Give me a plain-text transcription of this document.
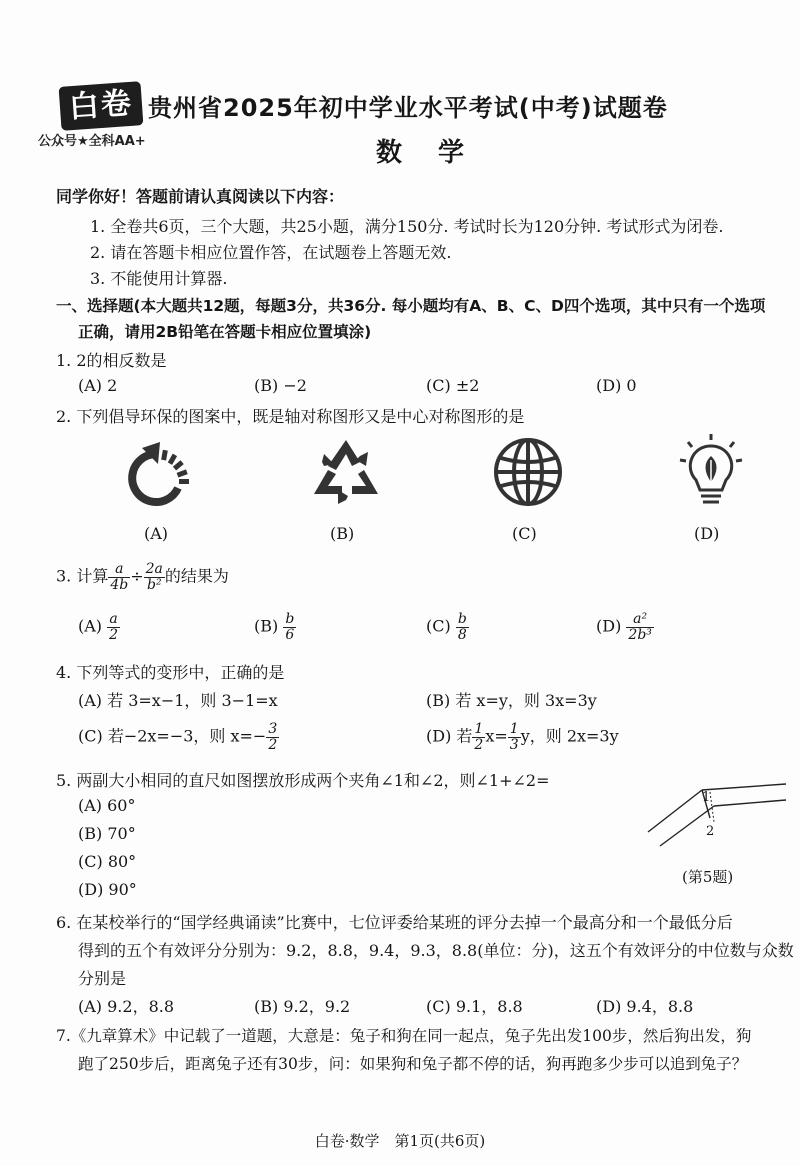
白卷
公众号★全科AA+
贵州省2025年初中学业水平考试(中考)试题卷
数学
同学你好！答题前请认真阅读以下内容：
1. 全卷共6页，三个大题，共25小题，满分150分. 考试时长为120分钟. 考试形式为闭卷.
2. 请在答题卡相应位置作答，在试题卷上答题无效.
3. 不能使用计算器.
一、选择题(本大题共12题，每题3分，共36分. 每小题均有A、B、C、D四个选项，其中只有一个选项
正确，请用2B铅笔在答题卡相应位置填涂)
1. 2的相反数是
(A) 2	(B) −2	(C) ±2	(D) 0
2. 下列倡导环保的图案中，既是轴对称图形又是中心对称图形的是
(A)	(B)	(C)	(D)
3. 计算 $\frac{a}{4b} \div \frac{2a}{\text{b²}}$ 的结果为
$(A) \frac{a}{2}$	$(B) \frac{b}{6}$	$(C) \frac{b}{8}$	$(D) \frac{\text{a²}}{\text{2b³}}$
4. 下列等式的变形中，正确的是
(A) 若 3=x−1，则 3−1=x	(B) 若 x=y，则 3x=3y
(C) 若−2x=−3，则 $x=- \frac{3}{2}$	(D) 若 $\frac{1}{2} x= \frac{1}{3}$ y，则 2x=3y
5. 两副大小相同的直尺如图摆放形成两个夹角∠1和∠2，则∠1+∠2=
(A) 60°
(B) 70°
(C) 80°
(D) 90°
1
2
(第5题)
6. 在某校举行的“国学经典诵读”比赛中，七位评委给某班的评分去掉一个最高分和一个最低分后
得到的五个有效评分分别为：9.2，8.8，9.4，9.3，8.8(单位：分)，这五个有效评分的中位数与众数
分别是
(A) 9.2，8.8	(B) 9.2，9.2	(C) 9.1，8.8	(D) 9.4，8.8
7.《九章算术》中记载了一道题，大意是：兔子和狗在同一起点，兔子先出发100步，然后狗出发，狗
跑了250步后，距离兔子还有30步，问：如果狗和兔子都不停的话，狗再跑多少步可以追到兔子？
白卷·数学　第1页(共6页)
